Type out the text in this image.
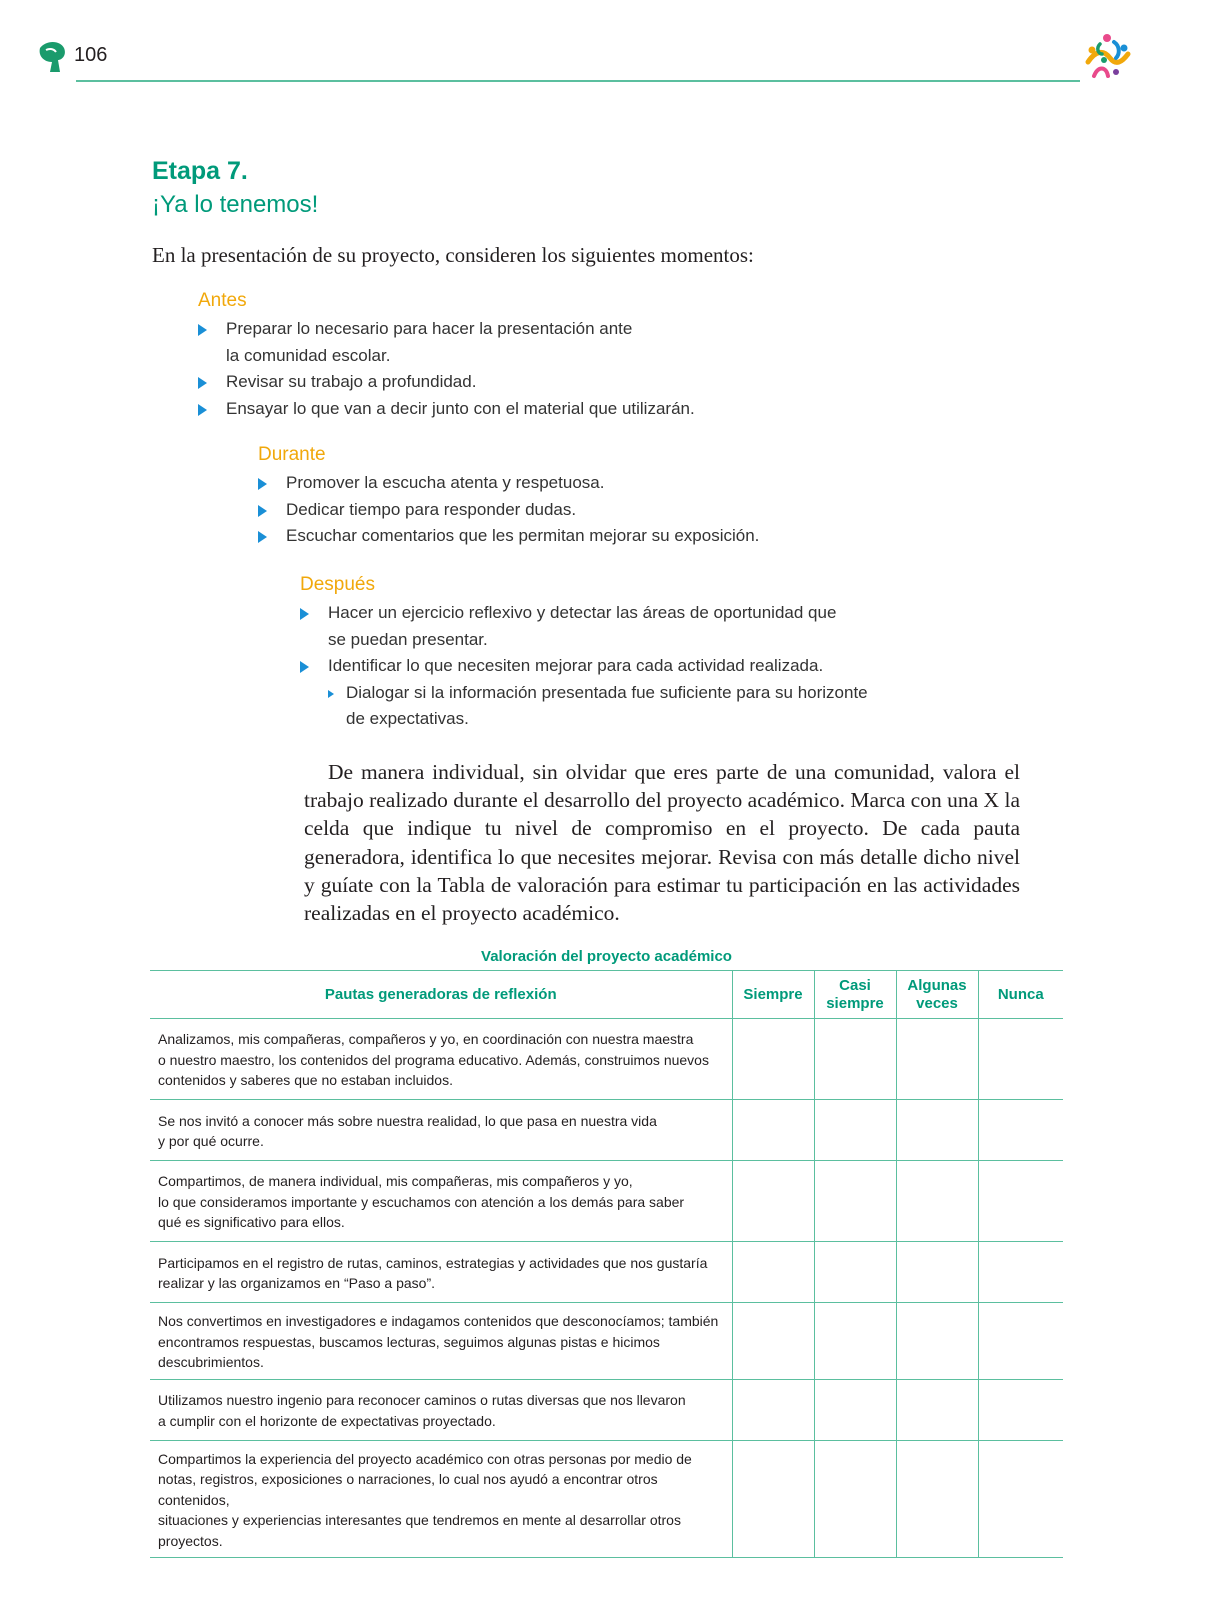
106
Etapa 7.
¡Ya lo tenemos!
En la presentación de su proyecto, consideren los siguientes momentos:
Antes
Preparar lo necesario para hacer la presentación ante
la comunidad escolar.
Revisar su trabajo a profundidad.
Ensayar lo que van a decir junto con el material que utilizarán.
Durante
Promover la escucha atenta y respetuosa.
Dedicar tiempo para responder dudas.
Escuchar comentarios que les permitan mejorar su exposición.
Después
Hacer un ejercicio reflexivo y detectar las áreas de oportunidad que
se puedan presentar.
Identificar lo que necesiten mejorar para cada actividad realizada.
Dialogar si la información presentada fue suficiente para su horizonte
de expectativas.
De manera individual, sin olvidar que eres parte de una comunidad, valora el trabajo realizado durante el desarrollo del proyecto académico. Marca con una X la celda que indique tu nivel de compromiso en el proyecto. De cada pauta generadora, identifica lo que necesites mejorar. Revisa con más detalle dicho nivel y guíate con la Tabla de valoración para estimar tu participación en las actividades realizadas en el proyecto académico.
Valoración del proyecto académico
Pautas generadoras de reflexión	Siempre	Casi
siempre	Algunas
veces	Nunca
Analizamos, mis compañeras, compañeros y yo, en coordinación con nuestra maestra
o nuestro maestro, los contenidos del programa educativo. Además, construimos nuevos
contenidos y saberes que no estaban incluidos.				
Se nos invitó a conocer más sobre nuestra realidad, lo que pasa en nuestra vida
y por qué ocurre.				
Compartimos, de manera individual, mis compañeras, mis compañeros y yo,
lo que consideramos importante y escuchamos con atención a los demás para saber
qué es significativo para ellos.				
Participamos en el registro de rutas, caminos, estrategias y actividades que nos gustaría
realizar y las organizamos en “Paso a paso”.				
Nos convertimos en investigadores e indagamos contenidos que desconocíamos; también
encontramos respuestas, buscamos lecturas, seguimos algunas pistas e hicimos descubrimientos.				
Utilizamos nuestro ingenio para reconocer caminos o rutas diversas que nos llevaron
a cumplir con el horizonte de expectativas proyectado.				
Compartimos la experiencia del proyecto académico con otras personas por medio de
notas, registros, exposiciones o narraciones, lo cual nos ayudó a encontrar otros contenidos,
situaciones y experiencias interesantes que tendremos en mente al desarrollar otros
proyectos.				
